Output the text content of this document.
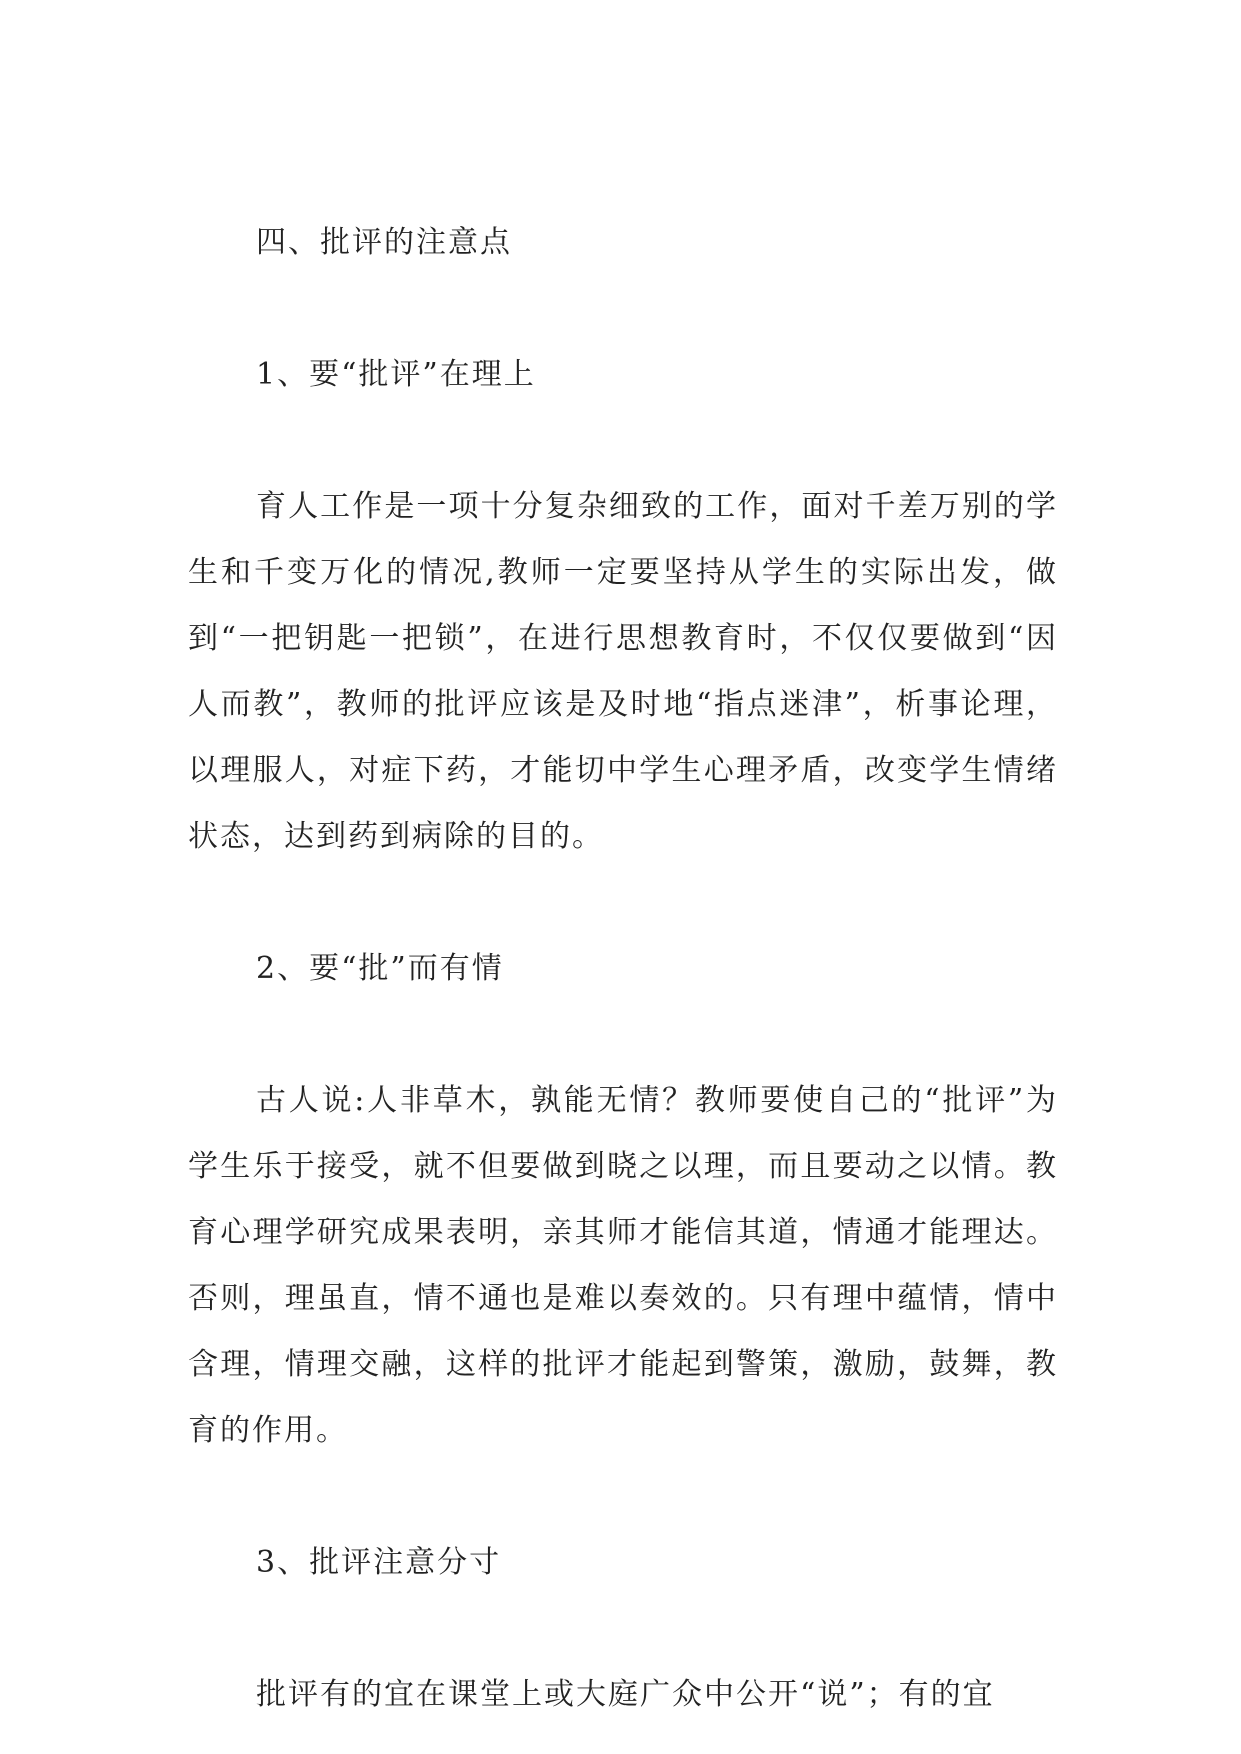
四、批评的注意点
1、要“批评”在理上

育人工作是一项十分复杂细致的工作，面对千差万别的学生和千变万化的情况,教师一定要坚持从学生的实际出发，做到“一把钥匙一把锁”，在进行思想教育时，不仅仅要做到“因人而教”，教师的批评应该是及时地“指点迷津”，析事论理，以理服人，对症下药，才能切中学生心理矛盾，改变学生情绪状态，达到药到病除的目的。

2、要“批”而有情

古人说:人非草木，孰能无情？教师要使自己的“批评”为学生乐于接受，就不但要做到晓之以理，而且要动之以情。教育心理学研究成果表明，亲其师才能信其道，情通才能理达。否则，理虽直，情不通也是难以奏效的。只有理中蕴情，情中含理，情理交融，这样的批评才能起到警策，激励，鼓舞，教育的作用。

3、批评注意分寸

批评有的宜在课堂上或大庭广众中公开“说”；有的宜
